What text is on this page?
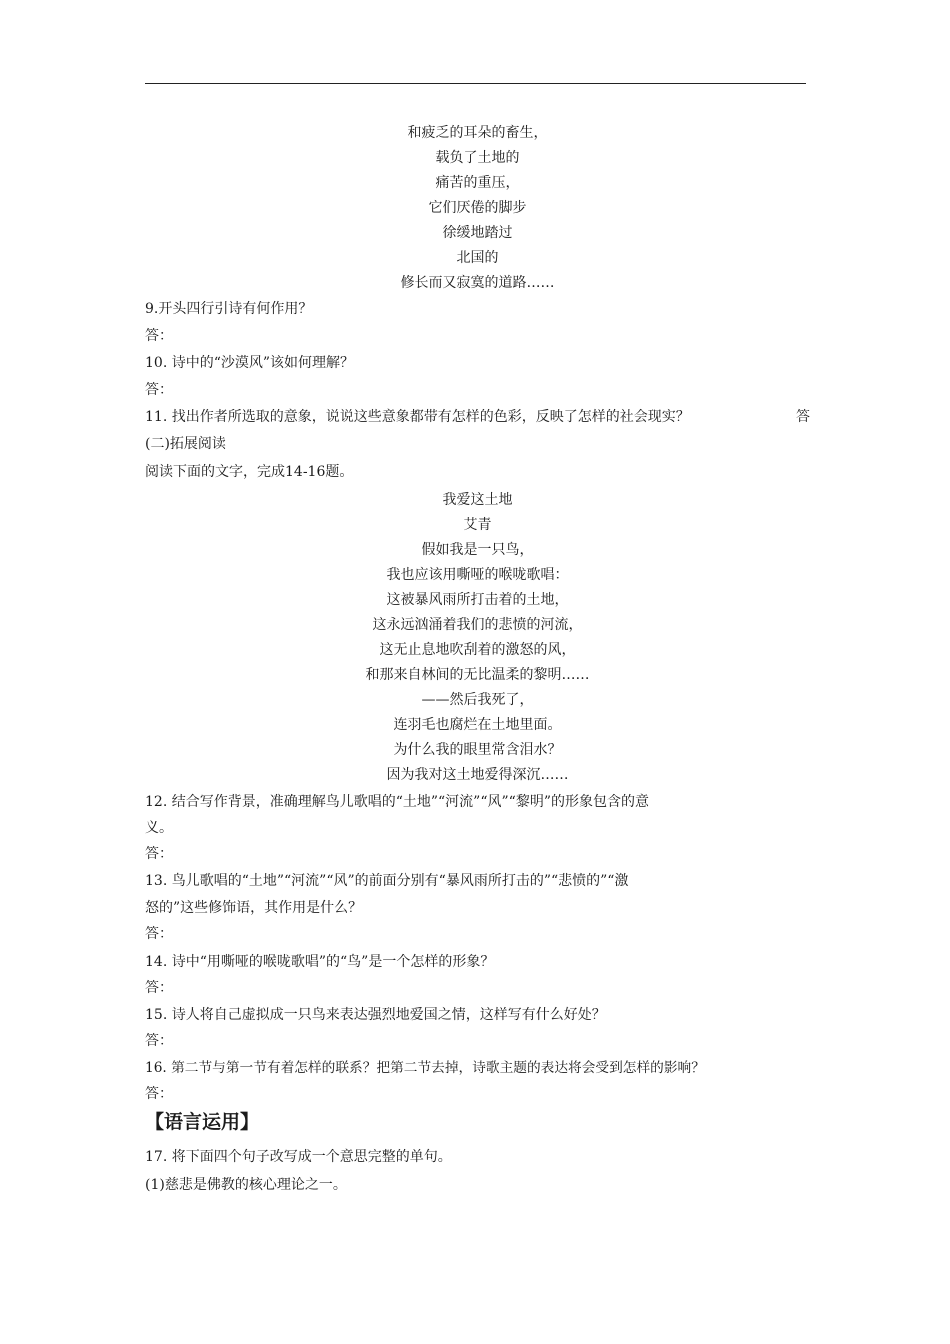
和疲乏的耳朵的畜生，
载负了土地的
痛苦的重压，
它们厌倦的脚步
徐缓地踏过
北国的
修长而又寂寞的道路……
9.开头四行引诗有何作用？
答：
10. 诗中的“沙漠风”该如何理解？
答：
11. 找出作者所选取的意象，说说这些意象都带有怎样的色彩，反映了怎样的社会现实？	答
(二)拓展阅读
阅读下面的文字，完成14-16题。
我爱这土地
艾青
假如我是一只鸟，
我也应该用嘶哑的喉咙歌唱：
这被暴风雨所打击着的土地，
这永远汹涌着我们的悲愤的河流，
这无止息地吹刮着的激怒的风，
和那来自林间的无比温柔的黎明……
——然后我死了，
连羽毛也腐烂在土地里面。
为什么我的眼里常含泪水？
因为我对这土地爱得深沉……
12. 结合写作背景，准确理解鸟儿歌唱的“土地”“河流”“风”“黎明”的形象包含的意
义。
答：
13. 鸟儿歌唱的“土地”“河流”“风”的前面分别有“暴风雨所打击的”“悲愤的”“激
怒的”这些修饰语，其作用是什么？
答：
14. 诗中“用嘶哑的喉咙歌唱”的“鸟”是一个怎样的形象？
答：
15. 诗人将自己虚拟成一只鸟来表达强烈地爱国之情，这样写有什么好处？
答：
16. 第二节与第一节有着怎样的联系？把第二节去掉，诗歌主题的表达将会受到怎样的影响？
答：
【语言运用】
17. 将下面四个句子改写成一个意思完整的单句。
(1)慈悲是佛教的核心理论之一。
